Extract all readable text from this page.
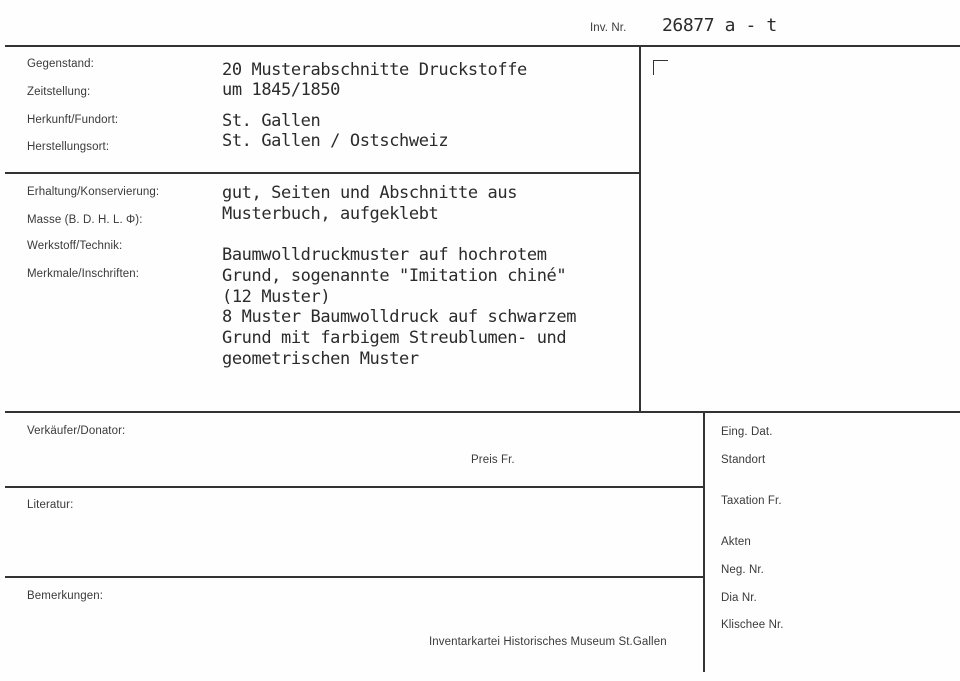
Inv. Nr. 26877 a - t
Gegenstand:
Zeitstellung:
Herkunft/Fundort:
Herstellungsort:
20 Musterabschnitte Druckstoffe
um 1845/1850
St. Gallen
St. Gallen / Ostschweiz
Erhaltung/Konservierung:
Masse (B. D. H. L. Φ):
Werkstoff/Technik:
Merkmale/Inschriften:
gut, Seiten und Abschnitte aus
Musterbuch, aufgeklebt
Baumwolldruckmuster auf hochrotem
Grund, sogenannte "Imitation chiné"
(12 Muster)
8 Muster Baumwolldruck auf schwarzem
Grund mit farbigem Streublumen- und
geometrischen Muster
Verkäufer/Donator:
Preis Fr.
Literatur:
Bemerkungen:
Inventarkartei Historisches Museum St.Gallen
Eing. Dat.
Standort
Taxation Fr.
Akten
Neg. Nr.
Dia Nr.
Klischee Nr.
